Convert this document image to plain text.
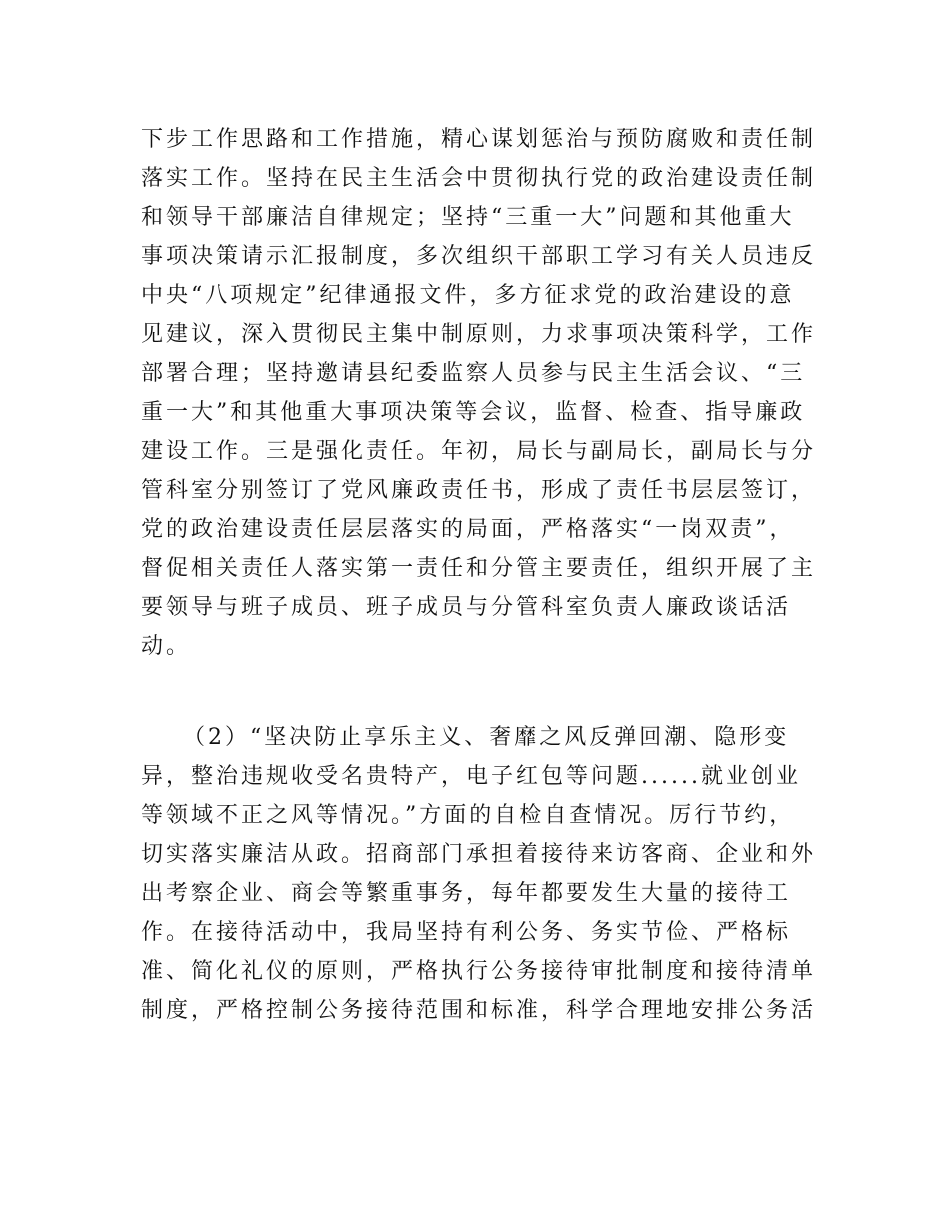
下步工作思路和工作措施，精心谋划惩治与预防腐败和责任制
落实工作。坚持在民主生活会中贯彻执行党的政治建设责任制
和领导干部廉洁自律规定；坚持“三重一大”问题和其他重大
事项决策请示汇报制度，多次组织干部职工学习有关人员违反
中央“八项规定”纪律通报文件，多方征求党的政治建设的意
见建议，深入贯彻民主集中制原则，力求事项决策科学，工作
部署合理；坚持邀请县纪委监察人员参与民主生活会议、“三
重一大”和其他重大事项决策等会议，监督、检查、指导廉政
建设工作。三是强化责任。年初，局长与副局长，副局长与分
管科室分别签订了党风廉政责任书，形成了责任书层层签订，
党的政治建设责任层层落实的局面，严格落实“一岗双责”，
督促相关责任人落实第一责任和分管主要责任，组织开展了主
要领导与班子成员、班子成员与分管科室负责人廉政谈话活
动。
（2）“坚决防止享乐主义、奢靡之风反弹回潮、隐形变
异，整治违规收受名贵特产，电子红包等问题......就业创业
等领域不正之风等情况。”方面的自检自查情况。厉行节约，
切实落实廉洁从政。招商部门承担着接待来访客商、企业和外
出考察企业、商会等繁重事务，每年都要发生大量的接待工
作。在接待活动中，我局坚持有利公务、务实节俭、严格标
准、简化礼仪的原则，严格执行公务接待审批制度和接待清单
制度，严格控制公务接待范围和标准，科学合理地安排公务活
